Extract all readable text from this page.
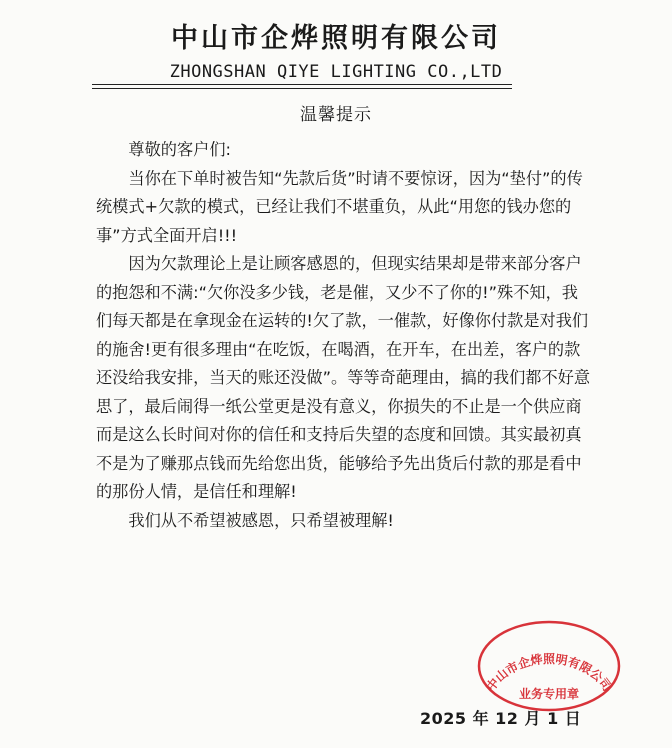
中山市企烨照明有限公司
ZHONGSHAN QIYE LIGHTING CO.,LTD
温馨提示

尊敬的客户们:

当你在下单时被告知“先款后货”时请不要惊讶，因为“垫付”的传统模式+欠款的模式，已经让我们不堪重负，从此“用您的钱办您的事”方式全面开启!!!

因为欠款理论上是让顾客感恩的，但现实结果却是带来部分客户的抱怨和不满:“欠你没多少钱，老是催，又少不了你的!”殊不知，我们每天都是在拿现金在运转的!欠了款，一催款，好像你付款是对我们的施舍!更有很多理由“在吃饭，在喝酒，在开车，在出差，客户的款还没给我安排，当天的账还没做”。等等奇葩理由，搞的我们都不好意思了，最后闹得一纸公堂更是没有意义，你损失的不止是一个供应商而是这么长时间对你的信任和支持后失望的态度和回馈。其实最初真不是为了赚那点钱而先给您出货，能够给予先出货后付款的那是看中的那份人情，是信任和理解!

我们从不希望被感恩，只希望被理解!

2025 年 12 月 1 日
中山市企烨照明有限公司
业务专用章
